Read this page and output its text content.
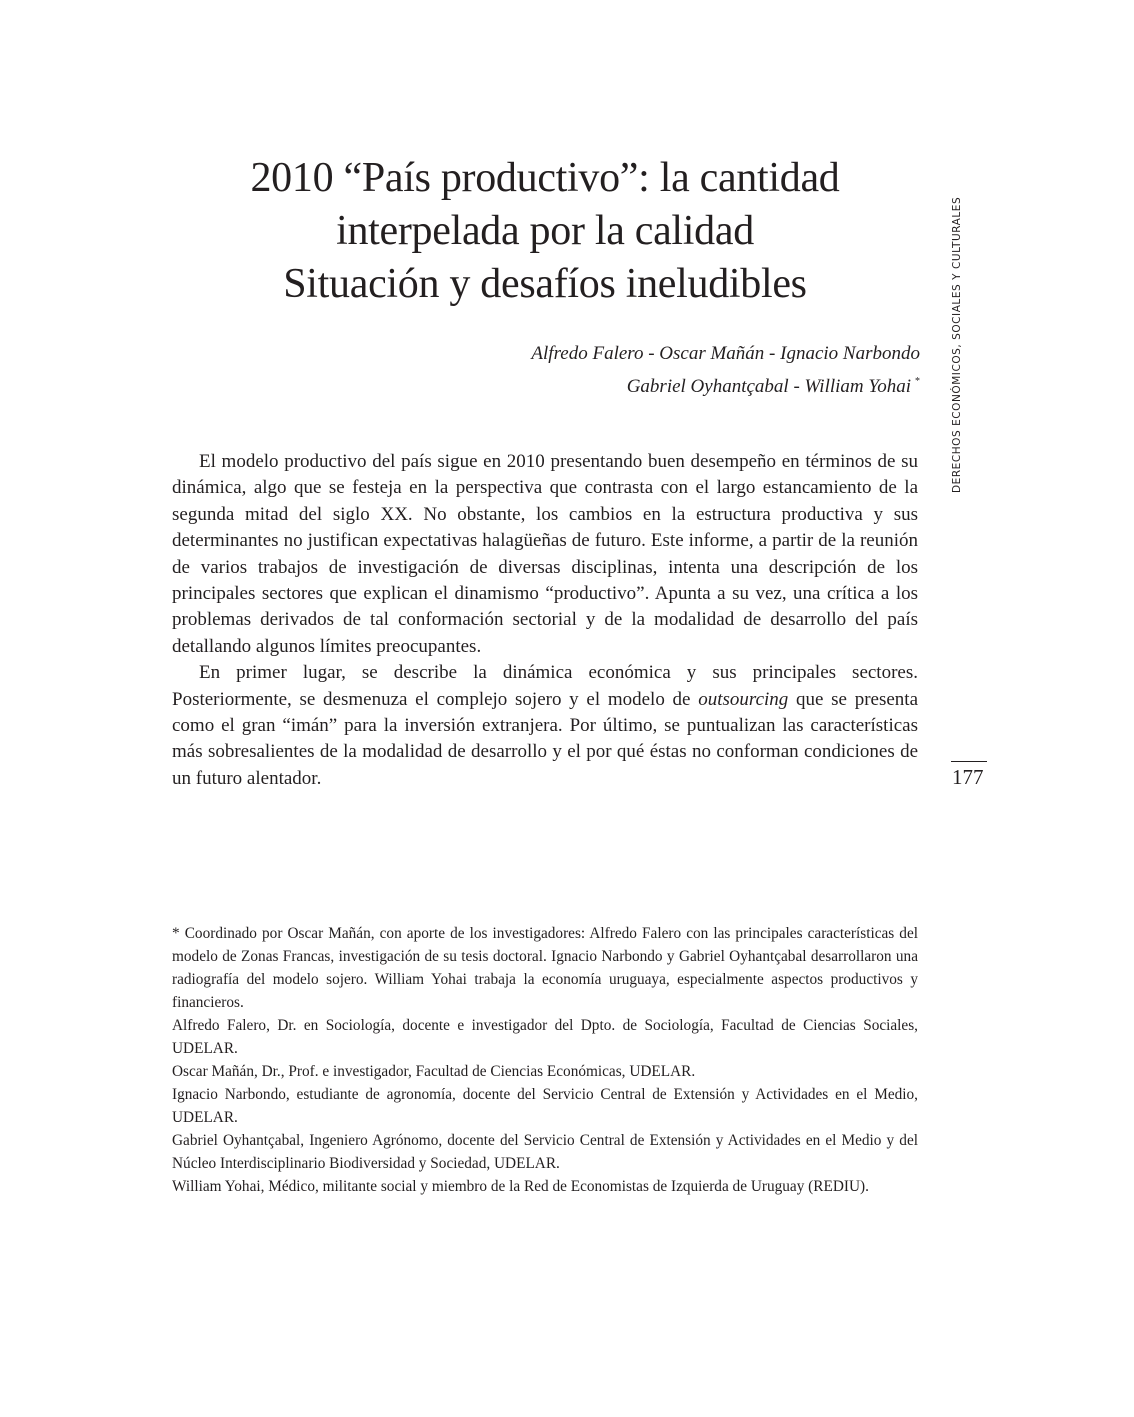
2010 “País productivo”: la cantidad
interpelada por la calidad
Situación y desafíos ineludibles
Alfredo Falero - Oscar Mañán - Ignacio Narbondo
Gabriel Oyhantçabal - William Yohai *

El modelo productivo del país sigue en 2010 presentando buen desempeño en términos de su dinámica, algo que se festeja en la perspectiva que contrasta con el largo estancamiento de la segunda mitad del siglo XX. No obstante, los cambios en la estructura productiva y sus determinantes no justifican expectativas halagüeñas de futuro. Este informe, a partir de la reunión de varios trabajos de investigación de diversas disciplinas, intenta una descripción de los principales sectores que explican el dinamismo “productivo”. Apunta a su vez, una crítica a los problemas derivados de tal conformación sectorial y de la modalidad de desarrollo del país detallando algunos límites preocupantes.

En primer lugar, se describe la dinámica económica y sus principales sectores. Posteriormente, se desmenuza el complejo sojero y el modelo de outsourcing que se presenta como el gran “imán” para la inversión extranjera. Por último, se puntualizan las características más sobresalientes de la modalidad de desarrollo y el por qué éstas no conforman condiciones de un futuro alentador.

* Coordinado por Oscar Mañán, con aporte de los investigadores: Alfredo Falero con las principales características del modelo de Zonas Francas, investigación de su tesis doctoral. Ignacio Narbondo y Gabriel Oyhantçabal desarrollaron una radiografía del modelo sojero. William Yohai trabaja la economía uruguaya, especialmente aspectos productivos y financieros.

Alfredo Falero, Dr. en Sociología, docente e investigador del Dpto. de Sociología, Facultad de Ciencias Sociales, UDELAR.

Oscar Mañán, Dr., Prof. e investigador, Facultad de Ciencias Económicas, UDELAR.

Ignacio Narbondo, estudiante de agronomía, docente del Servicio Central de Extensión y Actividades en el Medio, UDELAR.

Gabriel Oyhantçabal, Ingeniero Agrónomo, docente del Servicio Central de Extensión y Actividades en el Medio y del Núcleo Interdisciplinario Biodiversidad y Sociedad, UDELAR.

William Yohai, Médico, militante social y miembro de la Red de Economistas de Izquierda de Uruguay (REDIU).

DERECHOS ECONÓMICOS, SOCIALES Y CULTURALES
177
